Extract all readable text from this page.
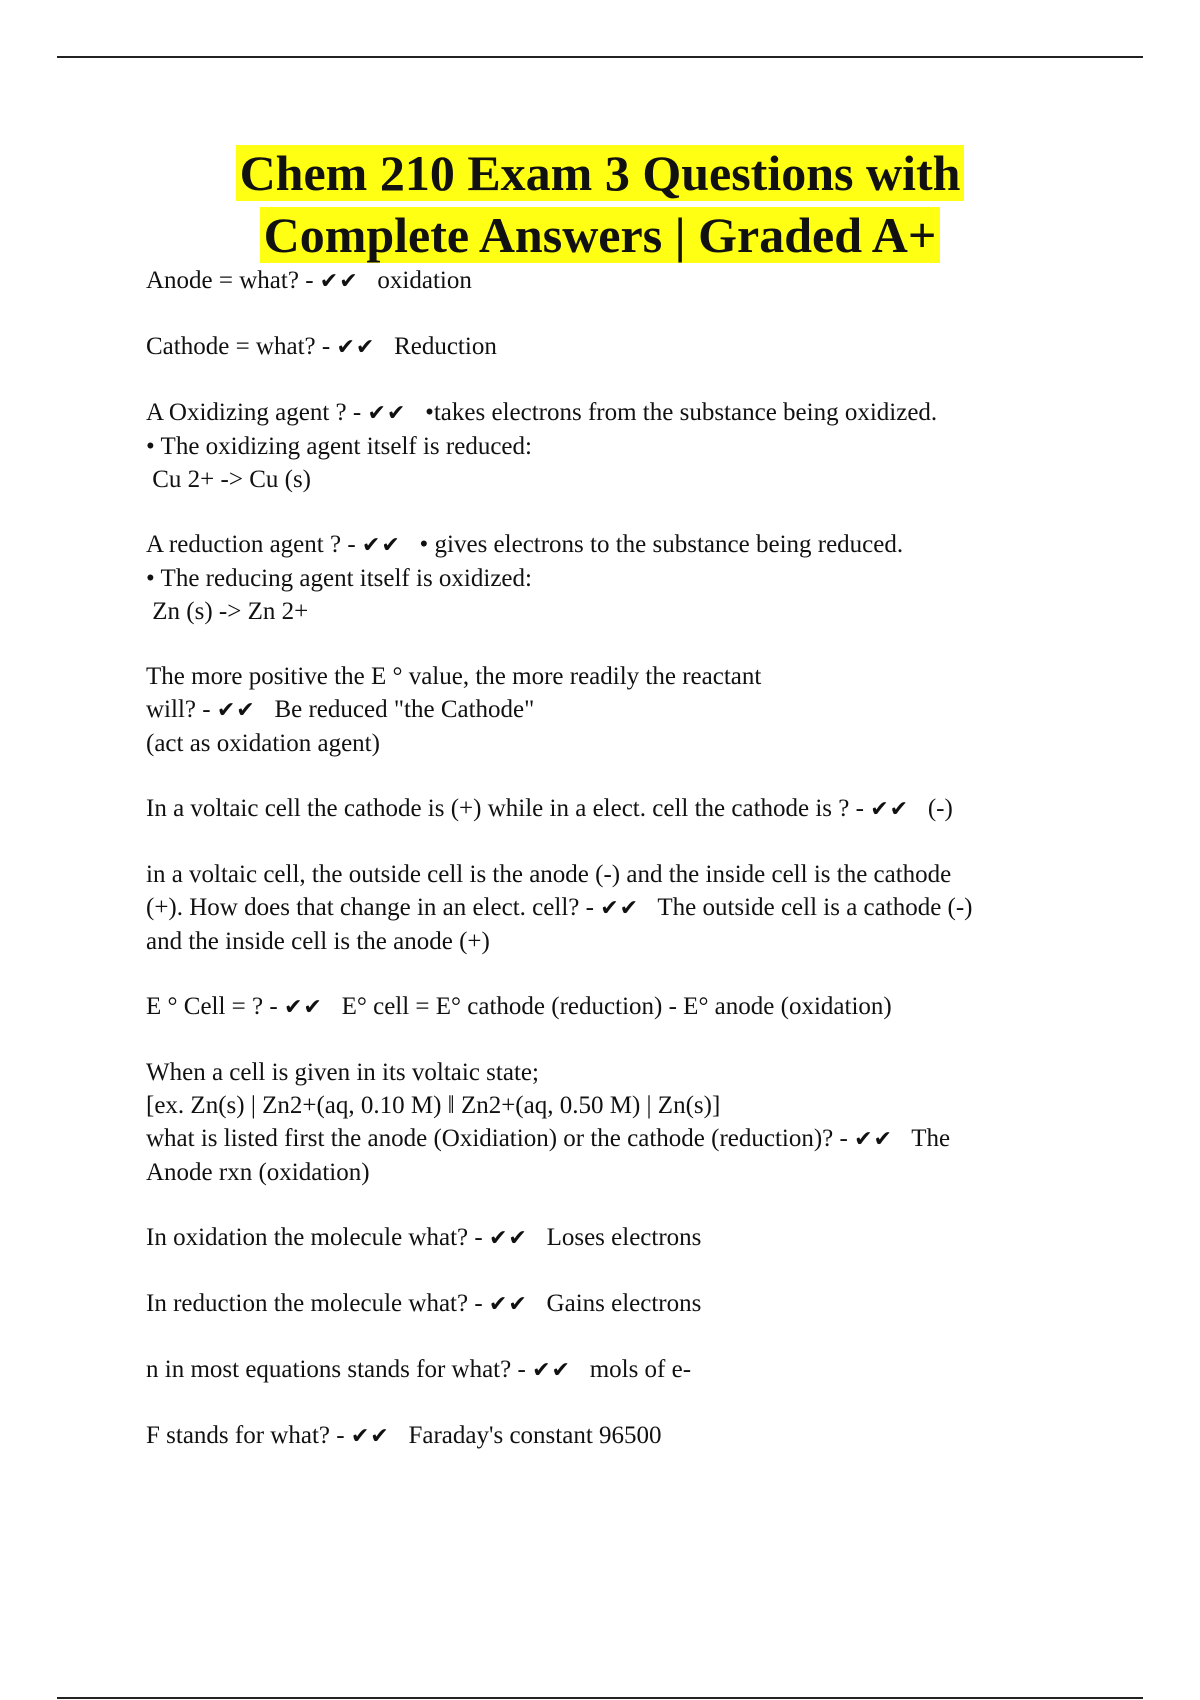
Chem 210 Exam 3 Questions with
Complete Answers | Graded A+
Anode = what? - ✔✔   oxidation
Cathode = what? - ✔✔   Reduction
A Oxidizing agent ? - ✔✔   •takes electrons from the substance being oxidized.
• The oxidizing agent itself is reduced:
Cu 2+ -> Cu (s)
A reduction agent ? - ✔✔   • gives electrons to the substance being reduced.
• The reducing agent itself is oxidized:
Zn (s) -> Zn 2+
The more positive the E ° value, the more readily the reactant
will? - ✔✔   Be reduced "the Cathode"
(act as oxidation agent)
In a voltaic cell the cathode is (+) while in a elect. cell the cathode is ? - ✔✔   (-)
in a voltaic cell, the outside cell is the anode (-) and the inside cell is the cathode
(+). How does that change in an elect. cell? - ✔✔   The outside cell is a cathode (-)
and the inside cell is the anode (+)
E ° Cell = ? - ✔✔   E° cell = E° cathode (reduction) - E° anode (oxidation)
When a cell is given in its voltaic state;
[ex. Zn(s) | Zn2+(aq, 0.10 M) ‖ Zn2+(aq, 0.50 M) | Zn(s)]
what is listed first the anode (Oxidiation) or the cathode (reduction)? - ✔✔   The
Anode rxn (oxidation)
In oxidation the molecule what? - ✔✔   Loses electrons
In reduction the molecule what? - ✔✔   Gains electrons
n in most equations stands for what? - ✔✔   mols of e-
F stands for what? - ✔✔   Faraday's constant 96500
